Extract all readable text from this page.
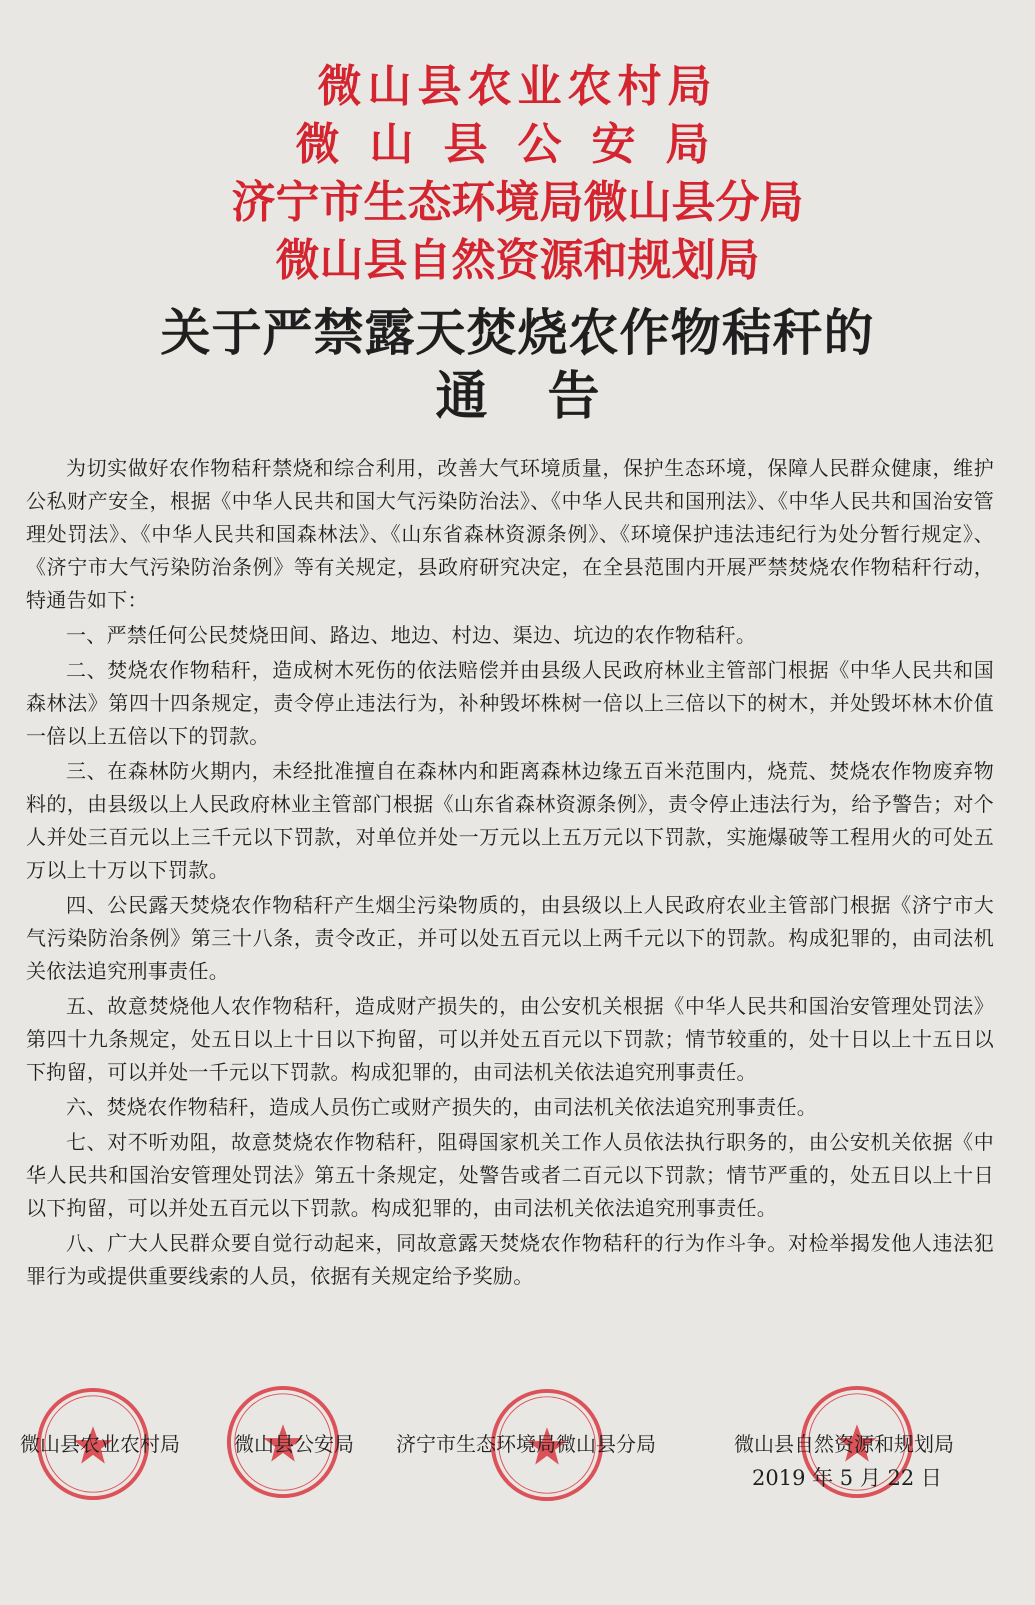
微山县农业农村局
微山县公安局
济宁市生态环境局微山县分局
微山县自然资源和规划局
关于严禁露天焚烧农作物秸秆的
通告

为切实做好农作物秸秆禁烧和综合利用，改善大气环境质量，保护生态环境，保障人民群众健康，维护公私财产安全，根据《中华人民共和国大气污染防治法》、《中华人民共和国刑法》、《中华人民共和国治安管理处罚法》、《中华人民共和国森林法》、《山东省森林资源条例》、《环境保护违法违纪行为处分暂行规定》、《济宁市大气污染防治条例》等有关规定，县政府研究决定，在全县范围内开展严禁焚烧农作物秸秆行动，特通告如下：

一、严禁任何公民焚烧田间、路边、地边、村边、渠边、坑边的农作物秸秆。

二、焚烧农作物秸秆，造成树木死伤的依法赔偿并由县级人民政府林业主管部门根据《中华人民共和国森林法》第四十四条规定，责令停止违法行为，补种毁坏株树一倍以上三倍以下的树木，并处毁坏林木价值一倍以上五倍以下的罚款。

三、在森林防火期内，未经批准擅自在森林内和距离森林边缘五百米范围内，烧荒、焚烧农作物废弃物料的，由县级以上人民政府林业主管部门根据《山东省森林资源条例》，责令停止违法行为，给予警告；对个人并处三百元以上三千元以下罚款，对单位并处一万元以上五万元以下罚款，实施爆破等工程用火的可处五万以上十万以下罚款。

四、公民露天焚烧农作物秸秆产生烟尘污染物质的，由县级以上人民政府农业主管部门根据《济宁市大气污染防治条例》第三十八条，责令改正，并可以处五百元以上两千元以下的罚款。构成犯罪的，由司法机关依法追究刑事责任。

五、故意焚烧他人农作物秸秆，造成财产损失的，由公安机关根据《中华人民共和国治安管理处罚法》第四十九条规定，处五日以上十日以下拘留，可以并处五百元以下罚款；情节较重的，处十日以上十五日以下拘留，可以并处一千元以下罚款。构成犯罪的，由司法机关依法追究刑事责任。

六、焚烧农作物秸秆，造成人员伤亡或财产损失的，由司法机关依法追究刑事责任。

七、对不听劝阻，故意焚烧农作物秸秆，阻碍国家机关工作人员依法执行职务的，由公安机关依据《中华人民共和国治安管理处罚法》第五十条规定，处警告或者二百元以下罚款；情节严重的，处五日以上十日以下拘留，可以并处五百元以下罚款。构成犯罪的，由司法机关依法追究刑事责任。

八、广大人民群众要自觉行动起来，同故意露天焚烧农作物秸秆的行为作斗争。对检举揭发他人违法犯罪行为或提供重要线索的人员，依据有关规定给予奖励。

微山县农业农村局	微山县公安局 济宁市生态环境局微山县分局	微山县自然资源和规划局
2019 年 5 月 22 日
